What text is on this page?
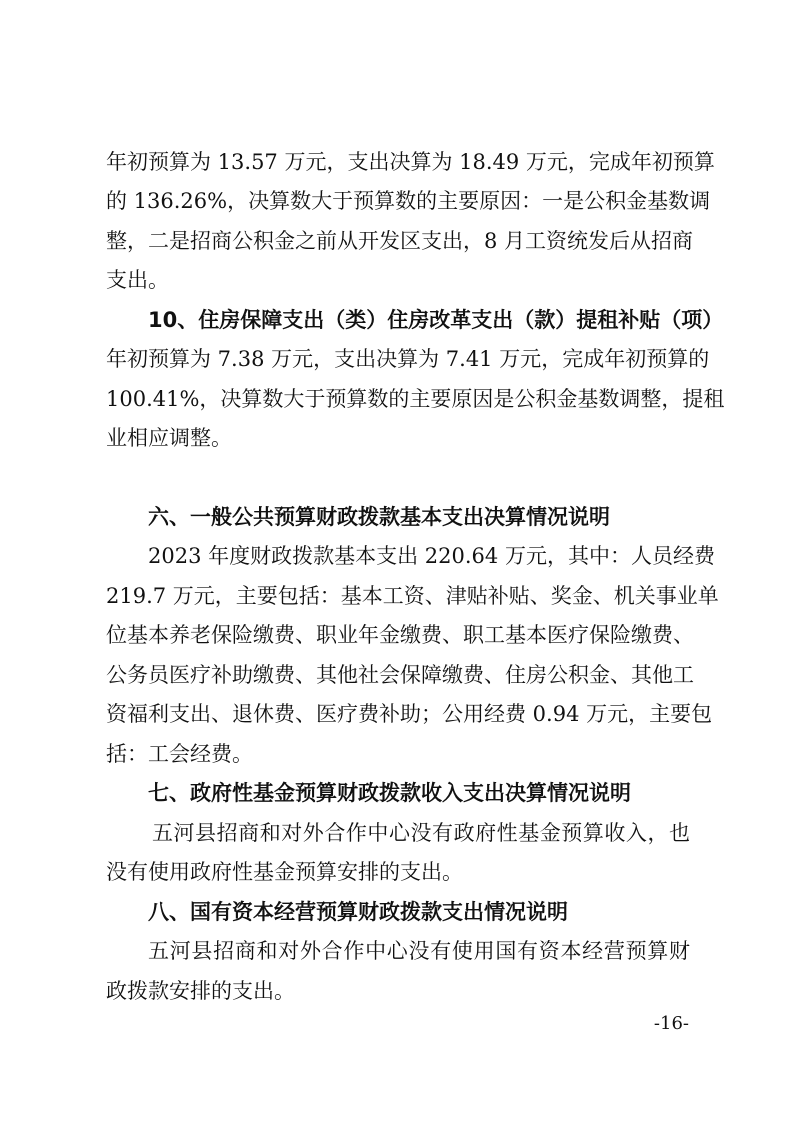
年初预算为 13.57 万元，支出决算为 18.49 万元，完成年初预算
的 136.26%，决算数大于预算数的主要原因：一是公积金基数调
整，二是招商公积金之前从开发区支出，8 月工资统发后从招商
支出。
10、住房保障支出（类）住房改革支出（款）提租补贴（项）
年初预算为 7.38 万元，支出决算为 7.41 万元，完成年初预算的
100.41%，决算数大于预算数的主要原因是公积金基数调整，提租
业相应调整。
六、一般公共预算财政拨款基本支出决算情况说明
2023 年度财政拨款基本支出 220.64 万元，其中：人员经费
219.7 万元，主要包括：基本工资、津贴补贴、奖金、机关事业单
位基本养老保险缴费、职业年金缴费、职工基本医疗保险缴费、
公务员医疗补助缴费、其他社会保障缴费、住房公积金、其他工
资福利支出、退休费、医疗费补助；公用经费 0.94 万元，主要包
括：工会经费。
七、政府性基金预算财政拨款收入支出决算情况说明
五河县招商和对外合作中心没有政府性基金预算收入，也
没有使用政府性基金预算安排的支出。
八、国有资本经营预算财政拨款支出情况说明
五河县招商和对外合作中心没有使用国有资本经营预算财
政拨款安排的支出。
-16-
